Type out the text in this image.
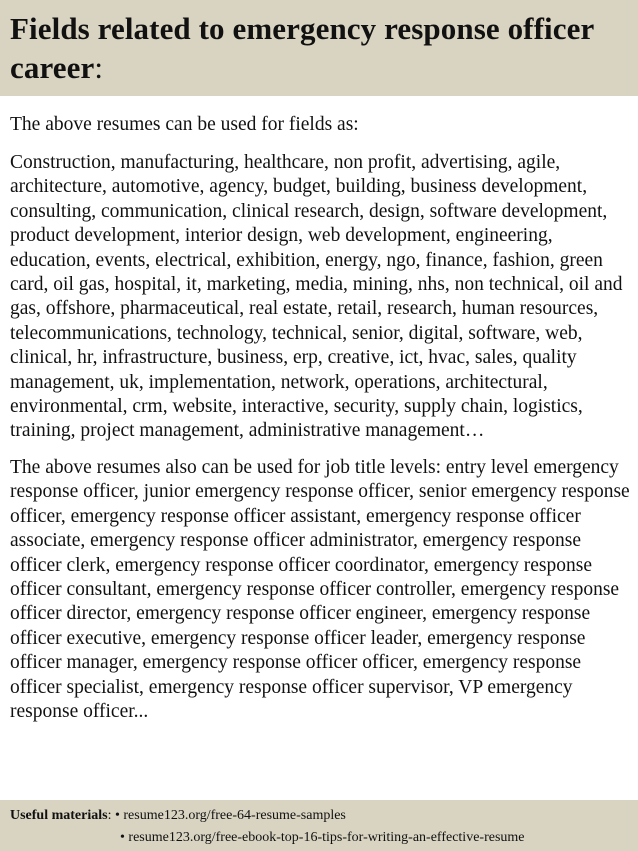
Fields related to emergency response officer career:

The above resumes can be used for fields as:

Construction, manufacturing, healthcare, non profit, advertising, agile, architecture, automotive, agency, budget, building, business development, consulting, communication, clinical research, design, software development, product development, interior design, web development, engineering, education, events, electrical, exhibition, energy, ngo, finance, fashion, green card, oil gas, hospital, it, marketing, media, mining, nhs, non technical, oil and gas, offshore, pharmaceutical, real estate, retail, research, human resources, telecommunications, technology, technical, senior, digital, software, web, clinical, hr, infrastructure, business, erp, creative, ict, hvac, sales, quality management, uk, implementation, network, operations, architectural, environmental, crm, website, interactive, security, supply chain, logistics, training, project management, administrative management…

The above resumes also can be used for job title levels: entry level emergency response officer, junior emergency response officer, senior emergency response officer, emergency response officer assistant, emergency response officer associate, emergency response officer administrator, emergency response officer clerk, emergency response officer coordinator, emergency response officer consultant, emergency response officer controller, emergency response officer director, emergency response officer engineer, emergency response officer executive, emergency response officer leader, emergency response officer manager, emergency response officer officer, emergency response officer specialist, emergency response officer supervisor, VP emergency response officer...

Useful materials: • resume123.org/free-64-resume-samples
• resume123.org/free-ebook-top-16-tips-for-writing-an-effective-resume
